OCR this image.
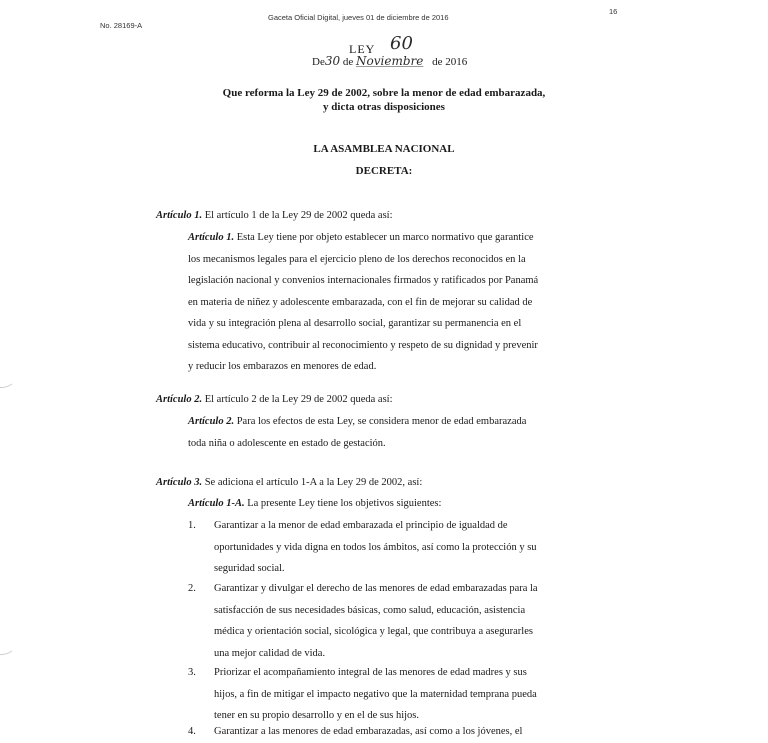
No. 28169-A
Gaceta Oficial Digital, jueves 01 de diciembre de 2016
16
LEY 60
De30 de Noviembre de 2016
Que reforma la Ley 29 de 2002, sobre la menor de edad embarazada,
y dicta otras disposiciones
LA ASAMBLEA NACIONAL
DECRETA:
Artículo 1. El artículo 1 de la Ley 29 de 2002 queda así:
Artículo 1. Esta Ley tiene por objeto establecer un marco normativo que garantice
los mecanismos legales para el ejercicio pleno de los derechos reconocidos en la
legislación nacional y convenios internacionales firmados y ratificados por Panamá
en materia de niñez y adolescente embarazada, con el fin de mejorar su calidad de
vida y su integración plena al desarrollo social, garantizar su permanencia en el
sistema educativo, contribuir al reconocimiento y respeto de su dignidad y prevenir
y reducir los embarazos en menores de edad.
Artículo 2. El artículo 2 de la Ley 29 de 2002 queda así:
Artículo 2. Para los efectos de esta Ley, se considera menor de edad embarazada
toda niña o adolescente en estado de gestación.
Artículo 3. Se adiciona el artículo 1-A a la Ley 29 de 2002, así:
Artículo 1-A. La presente Ley tiene los objetivos siguientes:
1.	Garantizar a la menor de edad embarazada el principio de igualdad de
oportunidades y vida digna en todos los ámbitos, así como la protección y su
seguridad social.
2.	Garantizar y divulgar el derecho de las menores de edad embarazadas para la
satisfacción de sus necesidades básicas, como salud, educación, asistencia
médica y orientación social, sicológica y legal, que contribuya a asegurarles
una mejor calidad de vida.
3.	Priorizar el acompañamiento integral de las menores de edad madres y sus
hijos, a fin de mitigar el impacto negativo que la maternidad temprana pueda
tener en su propio desarrollo y en el de sus hijos.
4.	Garantizar a las menores de edad embarazadas, así como a los jóvenes, el
